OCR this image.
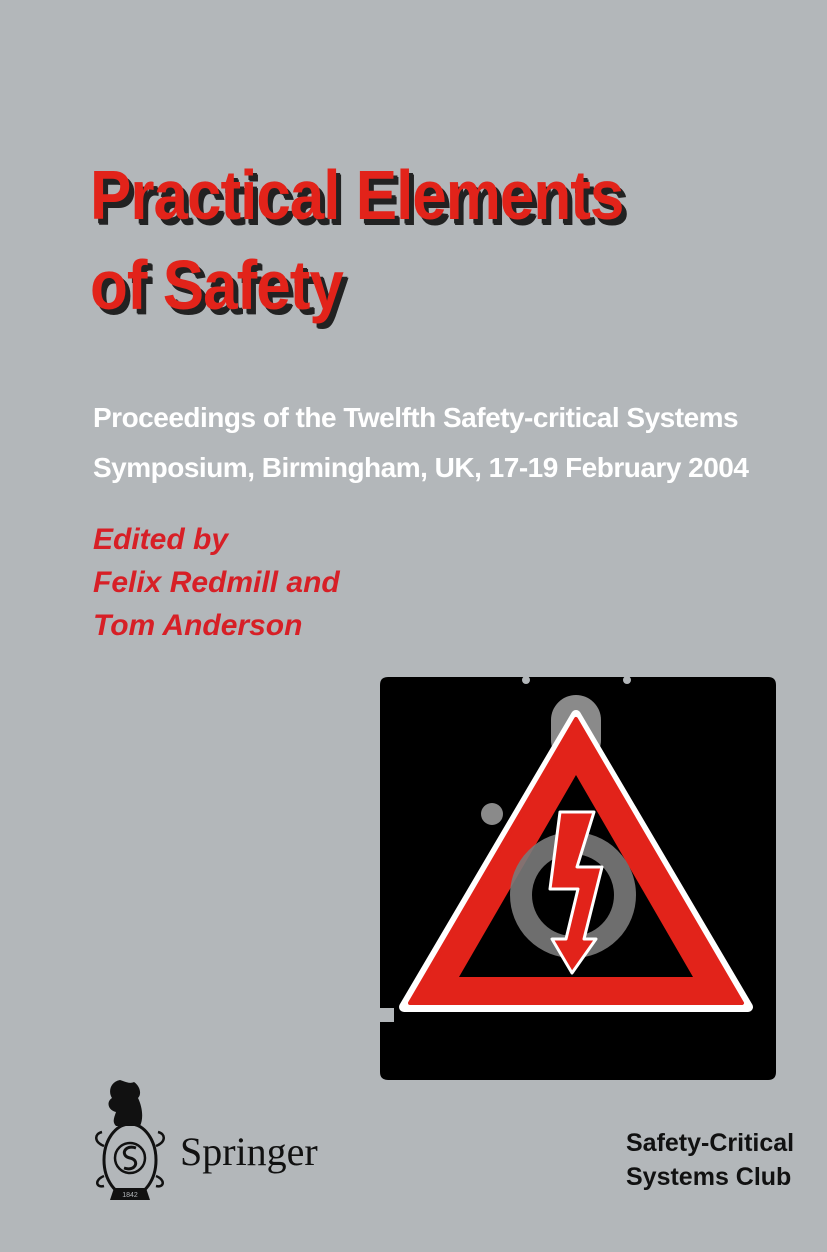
Practical Elements
of Safety

Proceedings of the Twelfth Safety-critical Systems
Symposium, Birmingham, UK, 17-19 February 2004

Edited by
Felix Redmill and
Tom Anderson

1842
Springer	Safety-Critical
Systems Club
